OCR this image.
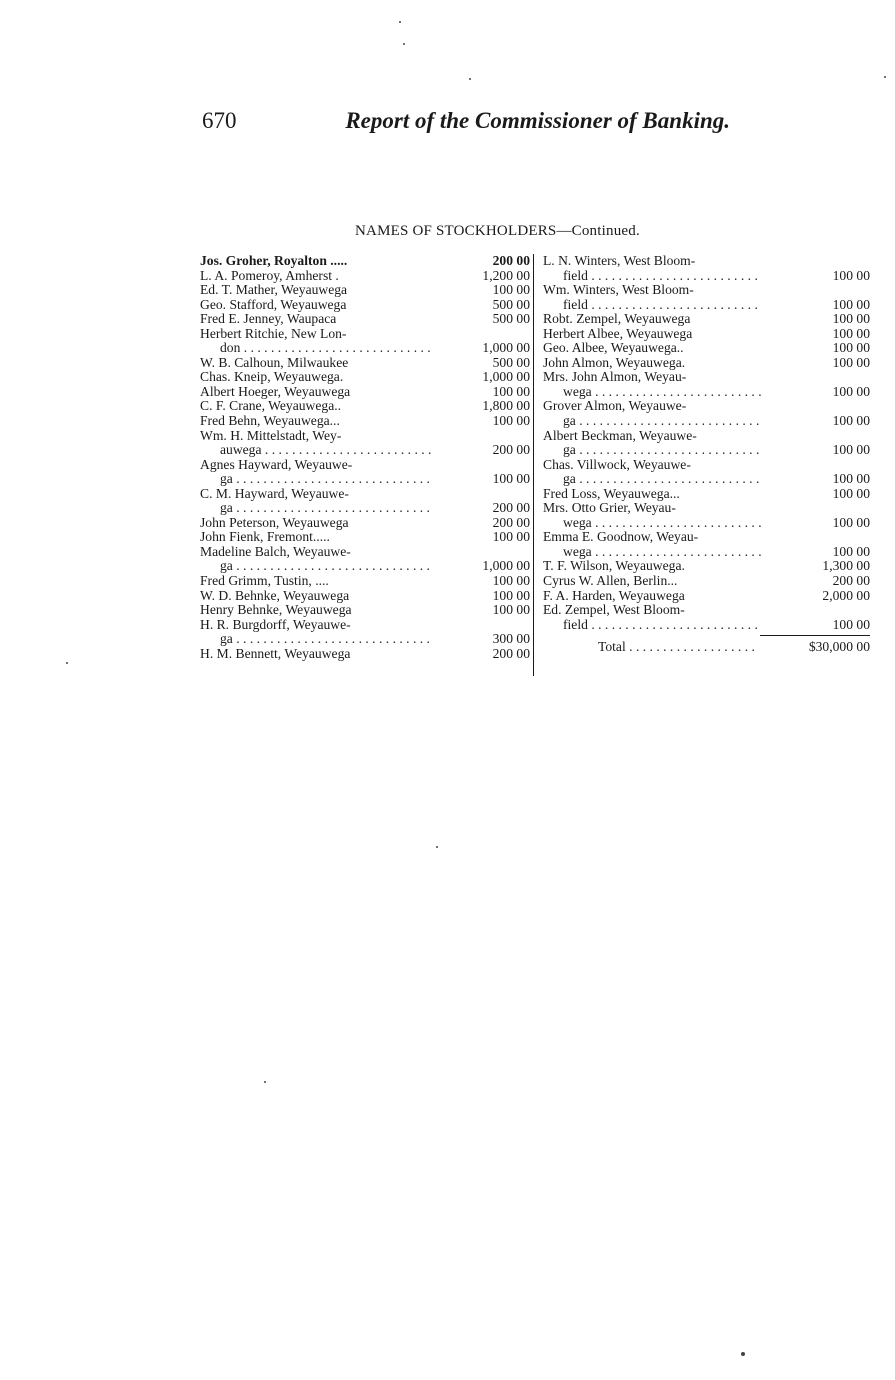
670	Report of the Commissioner of Banking.
NAMES OF STOCKHOLDERS—Continued.
Jos. Groher, Royalton .....	200 00
L. A. Pomeroy, Amherst .	1,200 00
Ed. T. Mather, Weyauwega	100 00
Geo. Stafford, Weyauwega	500 00
Fred E. Jenney, Waupaca	500 00
Herbert Ritchie, New Lon-
don . . .	1,000 00
W. B. Calhoun, Milwaukee	500 00
Chas. Kneip, Weyauwega.	1,000 00
Albert Hoeger, Weyauwega	100 00
C. F. Crane, Weyauwega..	1,800 00
Fred Behn, Weyauwega...	100 00
Wm. H. Mittelstadt, Wey-
auwega . . .	200 00
Agnes Hayward, Weyauwe-
ga . . .	100 00
C. M. Hayward, Weyauwe-
ga . . .	200 00
John Peterson, Weyauwega	200 00
John Fienk, Fremont.....	100 00
Madeline Balch, Weyauwe-
ga . . .	1,000 00
Fred Grimm, Tustin, ....	100 00
W. D. Behnke, Weyauwega	100 00
Henry Behnke, Weyauwega	100 00
H. R. Burgdorff, Weyauwe-
ga . . .	300 00
H. M. Bennett, Weyauwega	200 00
L. N. Winters, West Bloom-
field . . .	100 00
Wm. Winters, West Bloom-
field . . .	100 00
Robt. Zempel, Weyauwega	100 00
Herbert Albee, Weyauwega	100 00
Geo. Albee, Weyauwega..	100 00
John Almon, Weyauwega.	100 00
Mrs. John Almon, Weyau-
wega . . .	100 00
Grover Almon, Weyauwe-
ga . . .	100 00
Albert Beckman, Weyauwe-
ga . . .	100 00
Chas. Villwock, Weyauwe-
ga . . .	100 00
Fred Loss, Weyauwega...	100 00
Mrs. Otto Grier, Weyau-
wega . . .	100 00
Emma E. Goodnow, Weyau-
wega . . .	100 00
T. F. Wilson, Weyauwega.	1,300 00
Cyrus W. Allen, Berlin...	200 00
F. A. Harden, Weyauwega	2,000 00
Ed. Zempel, West Bloom-
field . . .	100 00
Total . . .	$30,000 00
